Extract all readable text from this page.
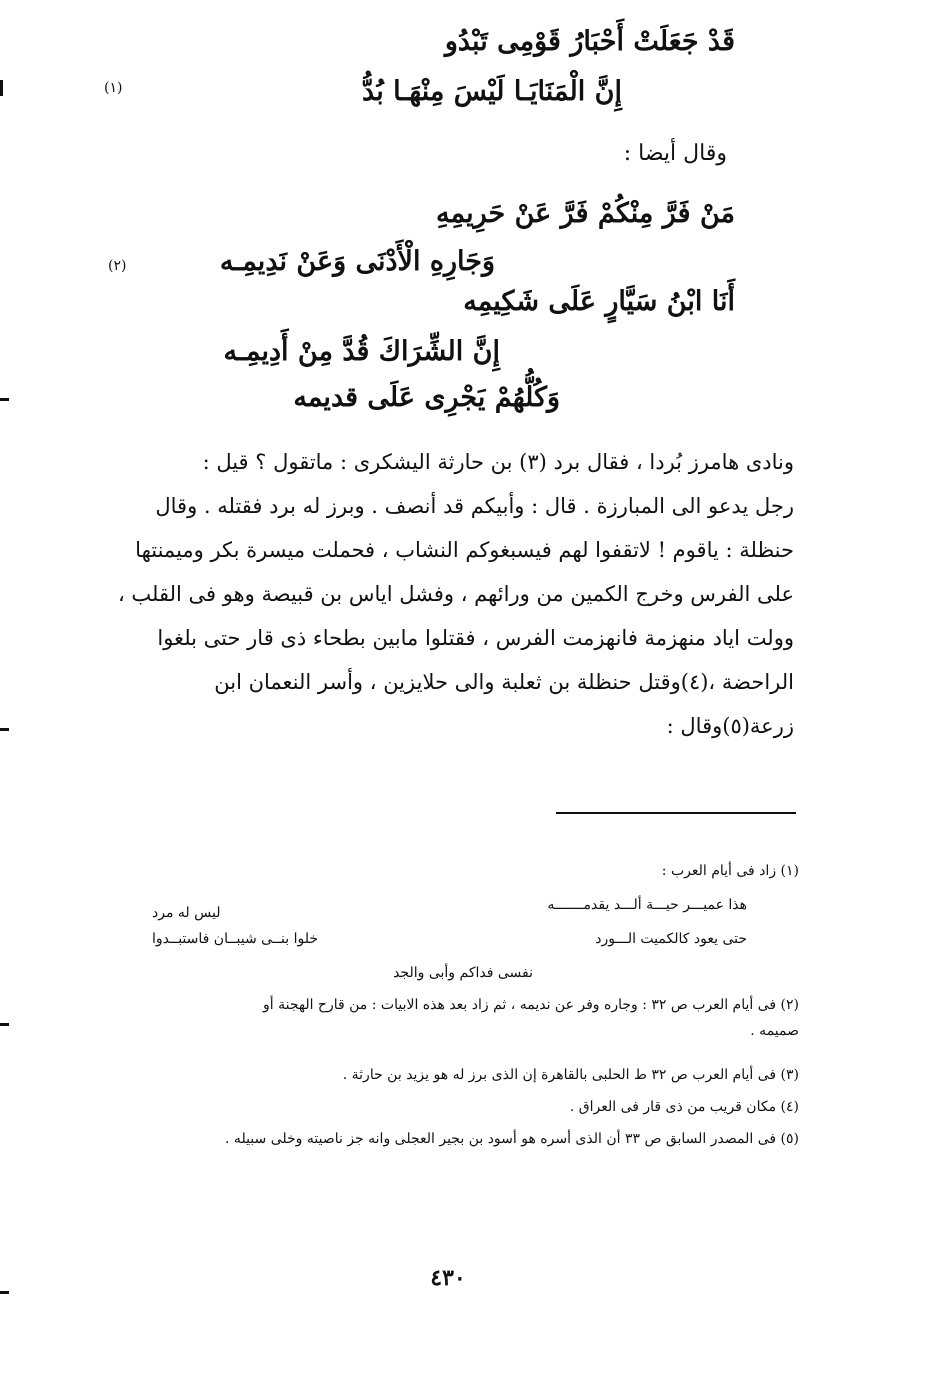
قَدْ جَعَلَتْ أَحْبَارُ قَوْمِى تَبْدُو
إِنَّ الْمَنَايَـا لَيْسَ مِنْهَـا بُدُّ
(١)
وقال أيضا :
مَنْ فَرَّ مِنْكُمْ فَرَّ عَنْ حَرِيمِهِ
وَجَارِهِ الْأَدْنَى وَعَنْ نَدِيمِـه
(٢)
أَنَا ابْنُ سَيَّارٍ عَلَى شَكِيمِه
إِنَّ الشِّرَاكَ قُدَّ مِنْ أَدِيمِـه
وَكُلُّهُمْ يَجْرِى عَلَى قديمه
ونادى هامرز بُردا ، فقال برد (٣) بن حارثة اليشكرى : ماتقول ؟ قيل :
رجل يدعو الى المبارزة . قال : وأبيكم قد أنصف . وبرز له برد فقتله . وقال
حنظلة : ياقوم ! لاتقفوا لهم فيسبغوكم النشاب ، فحملت ميسرة بكر وميمنتها
على الفرس وخرج الكمين من ورائهم ، وفشل اياس بن قبيصة وهو فى القلب ،
وولت اياد منهزمة فانهزمت الفرس ، فقتلوا مابين بطحاء ذى قار حتى بلغوا
الراحضة ،(٤)وقتل حنظلة بن ثعلبة والى حلايزين ، وأسر النعمان ابن
زرعة(٥)وقال :
(١) زاد فى أيام العرب :
هذا عميـــر حيـــة ألـــد يقدمـــــــه
ليس له مرد
حتى يعود كالكميت الـــورد
خلوا بنــى شيبــان فاستبــدوا
نفسى فداكم وأبى والجد
(٢) فى أيام العرب ص ٣٢ : وجاره وفر عن نديمه ، ثم زاد بعد هذه الابيات : من قارح الهجنة أو
صميمه .
(٣) فى أيام العرب ص ٣٢ ط الحلبى بالقاهرة إن الذى برز له هو يزيد بن حارثة .
(٤) مكان قريب من ذى قار فى العراق .
(٥) فى المصدر السابق ص ٣٣ أن الذى أسره هو أسود بن بجير العجلى وانه جز ناصيته وخلى سبيله .
٤٣٠
